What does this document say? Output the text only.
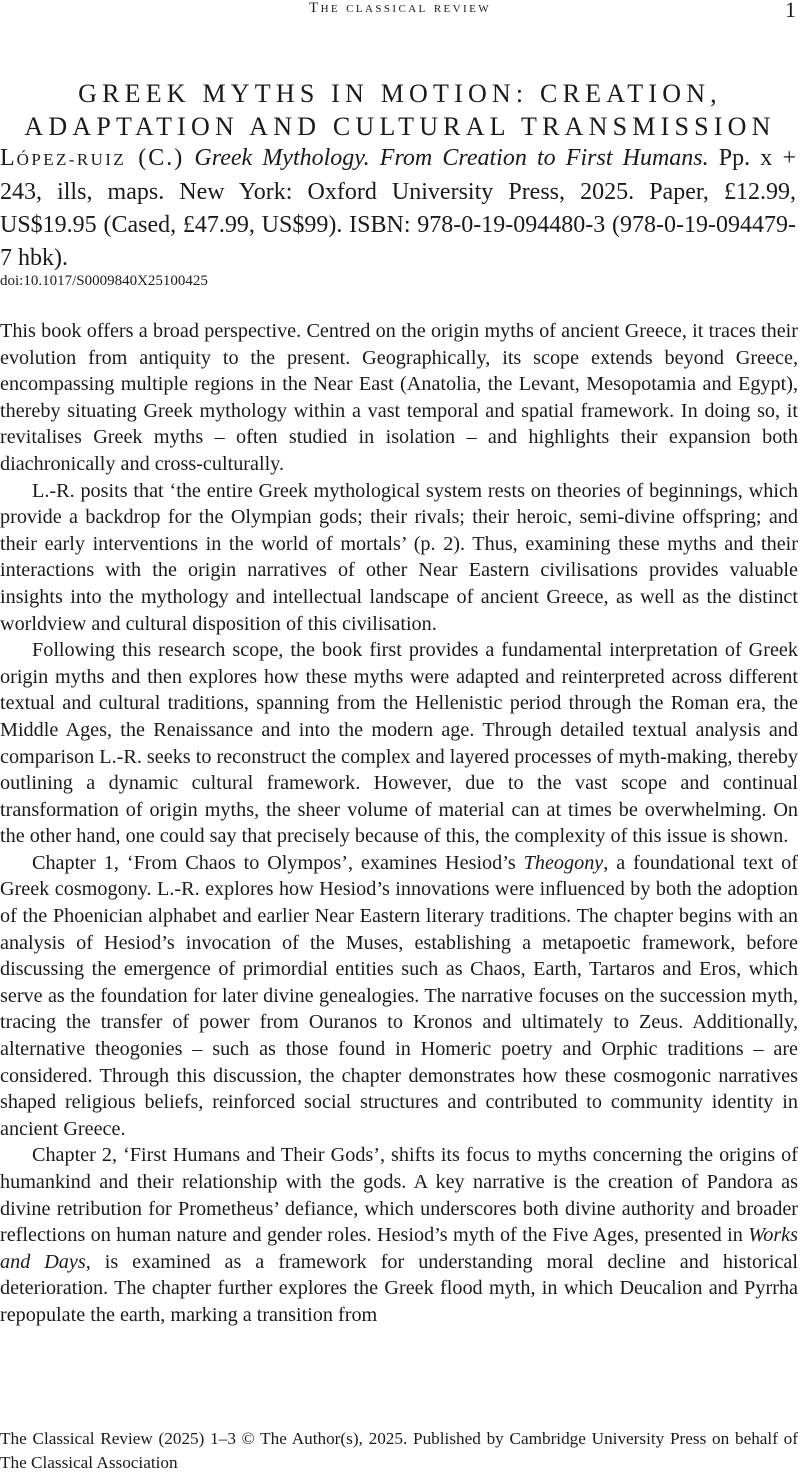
The classical review	1
GREEK MYTHS IN MOTION: CREATION,
ADAPTATION AND CULTURAL TRANSMISSION
LÓPEZ-RUIZ (C.) Greek Mythology. From Creation to First Humans. Pp. x + 243, ills, maps. New York: Oxford University Press, 2025. Paper, £12.99, US$19.95 (Cased, £47.99, US$99). ISBN: 978-0-19-094480-3 (978-0-19-094479-7 hbk).
doi:10.1017/S0009840X25100425

This book offers a broad perspective. Centred on the origin myths of ancient Greece, it traces their evolution from antiquity to the present. Geographically, its scope extends beyond Greece, encompassing multiple regions in the Near East (Anatolia, the Levant, Mesopotamia and Egypt), thereby situating Greek mythology within a vast temporal and spatial framework. In doing so, it revitalises Greek myths – often studied in isolation – and highlights their expansion both diachronically and cross-culturally.

L.-R. posits that ‘the entire Greek mythological system rests on theories of beginnings, which provide a backdrop for the Olympian gods; their rivals; their heroic, semi-divine offspring; and their early interventions in the world of mortals’ (p. 2). Thus, examining these myths and their interactions with the origin narratives of other Near Eastern civilisations provides valuable insights into the mythology and intellectual landscape of ancient Greece, as well as the distinct worldview and cultural disposition of this civilisation.

Following this research scope, the book first provides a fundamental interpretation of Greek origin myths and then explores how these myths were adapted and reinterpreted across different textual and cultural traditions, spanning from the Hellenistic period through the Roman era, the Middle Ages, the Renaissance and into the modern age. Through detailed textual analysis and comparison L.-R. seeks to reconstruct the complex and layered processes of myth-making, thereby outlining a dynamic cultural framework. However, due to the vast scope and continual transformation of origin myths, the sheer volume of material can at times be overwhelming. On the other hand, one could say that precisely because of this, the complexity of this issue is shown.

Chapter 1, ‘From Chaos to Olympos’, examines Hesiod’s Theogony, a foundational text of Greek cosmogony. L.-R. explores how Hesiod’s innovations were influenced by both the adoption of the Phoenician alphabet and earlier Near Eastern literary traditions. The chapter begins with an analysis of Hesiod’s invocation of the Muses, establishing a metapoetic framework, before discussing the emergence of primordial entities such as Chaos, Earth, Tartaros and Eros, which serve as the foundation for later divine genealogies. The narrative focuses on the succession myth, tracing the transfer of power from Ouranos to Kronos and ultimately to Zeus. Additionally, alternative theogonies – such as those found in Homeric poetry and Orphic traditions – are considered. Through this discussion, the chapter demonstrates how these cosmogonic narratives shaped religious beliefs, reinforced social structures and contributed to community identity in ancient Greece.

Chapter 2, ‘First Humans and Their Gods’, shifts its focus to myths concerning the origins of humankind and their relationship with the gods. A key narrative is the creation of Pandora as divine retribution for Prometheus’ defiance, which underscores both divine authority and broader reflections on human nature and gender roles. Hesiod’s myth of the Five Ages, presented in Works and Days, is examined as a framework for understanding moral decline and historical deterioration. The chapter further explores the Greek flood myth, in which Deucalion and Pyrrha repopulate the earth, marking a transition from

The Classical Review (2025) 1–3 © The Author(s), 2025. Published by Cambridge University Press on behalf of The Classical Association
